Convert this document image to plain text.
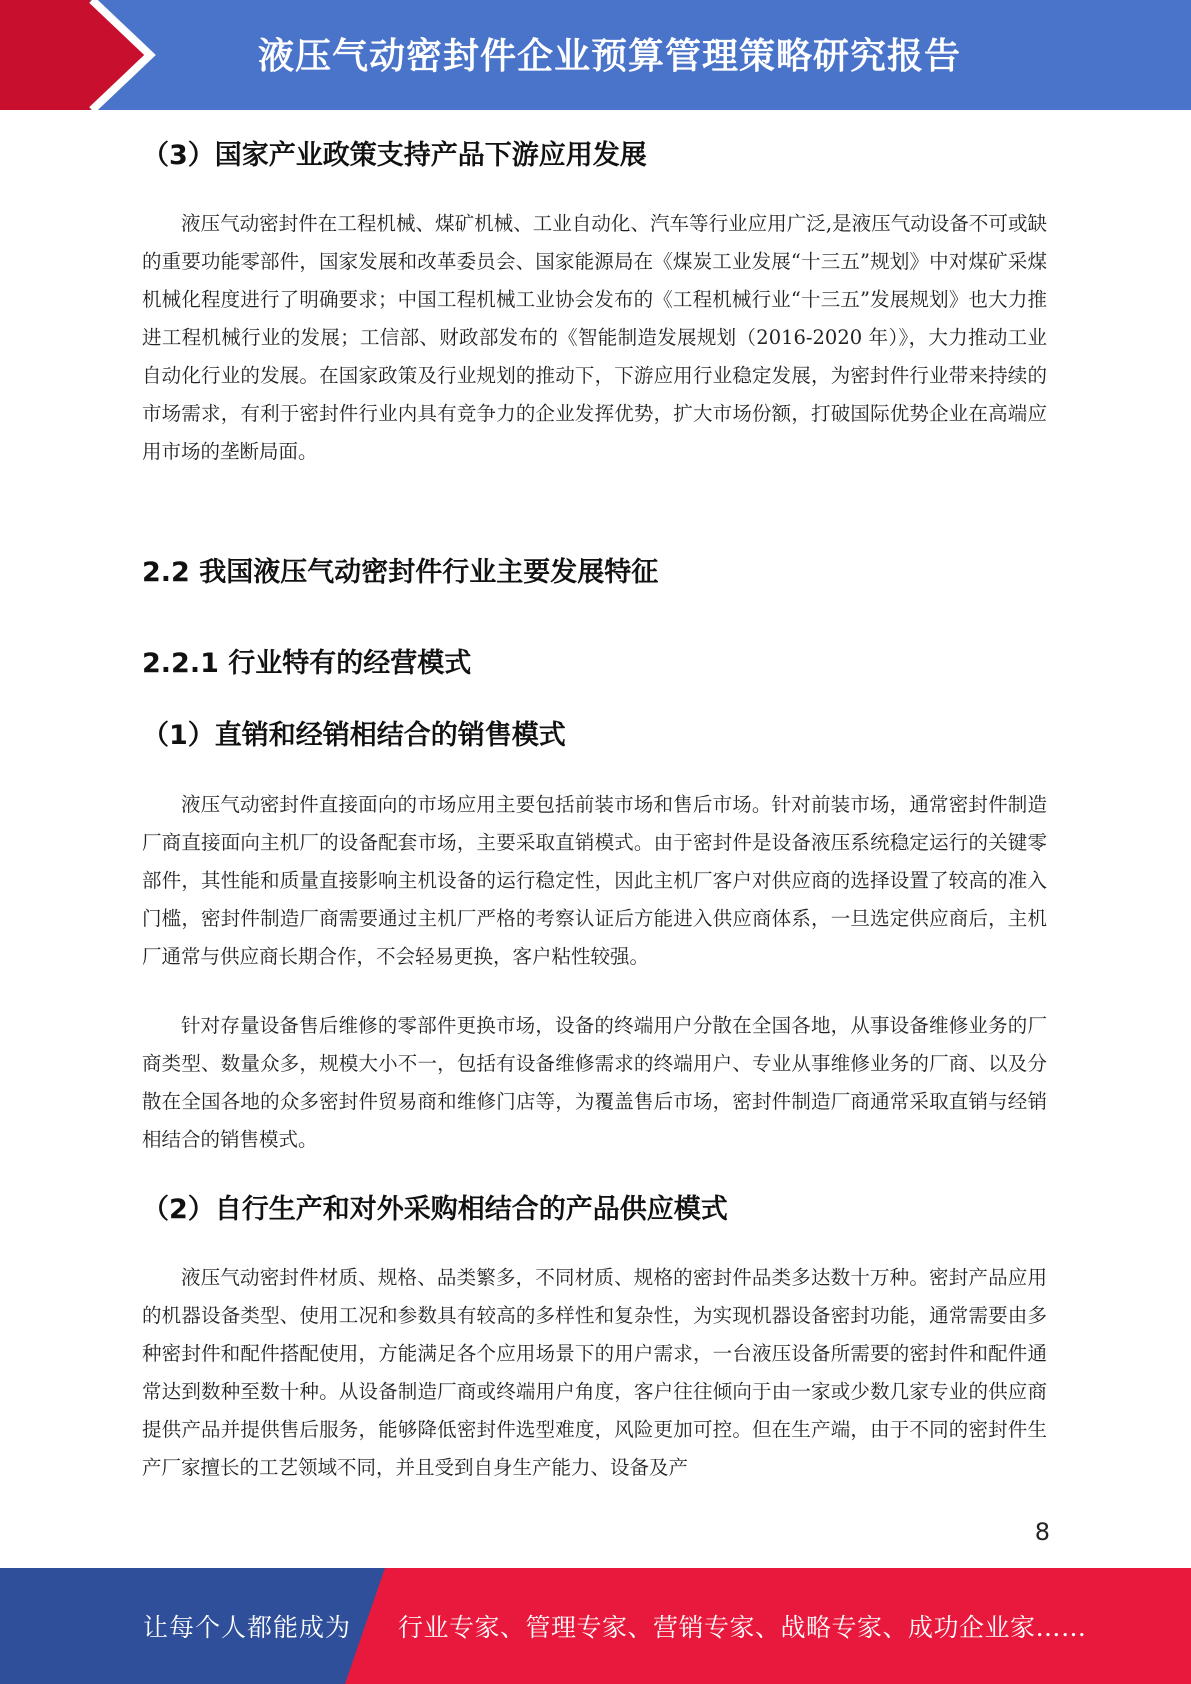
液压气动密封件企业预算管理策略研究报告
（3）国家产业政策支持产品下游应用发展
液压气动密封件在工程机械、煤矿机械、工业自动化、汽车等行业应用广泛,是液压气动设备不可或缺的重要功能零部件，国家发展和改革委员会、国家能源局在《煤炭工业发展“十三五”规划》中对煤矿采煤机械化程度进行了明确要求；中国工程机械工业协会发布的《工程机械行业“十三五”发展规划》也大力推进工程机械行业的发展；工信部、财政部发布的《智能制造发展规划（2016-2020 年）》，大力推动工业自动化行业的发展。在国家政策及行业规划的推动下，下游应用行业稳定发展，为密封件行业带来持续的市场需求，有利于密封件行业内具有竞争力的企业发挥优势，扩大市场份额，打破国际优势企业在高端应用市场的垄断局面。
2.2 我国液压气动密封件行业主要发展特征
2.2.1 行业特有的经营模式
（1）直销和经销相结合的销售模式
液压气动密封件直接面向的市场应用主要包括前装市场和售后市场。针对前装市场，通常密封件制造厂商直接面向主机厂的设备配套市场，主要采取直销模式。由于密封件是设备液压系统稳定运行的关键零部件，其性能和质量直接影响主机设备的运行稳定性，因此主机厂客户对供应商的选择设置了较高的准入门槛，密封件制造厂商需要通过主机厂严格的考察认证后方能进入供应商体系，一旦选定供应商后，主机厂通常与供应商长期合作，不会轻易更换，客户粘性较强。
针对存量设备售后维修的零部件更换市场，设备的终端用户分散在全国各地，从事设备维修业务的厂商类型、数量众多，规模大小不一，包括有设备维修需求的终端用户、专业从事维修业务的厂商、以及分散在全国各地的众多密封件贸易商和维修门店等，为覆盖售后市场，密封件制造厂商通常采取直销与经销相结合的销售模式。
（2）自行生产和对外采购相结合的产品供应模式
液压气动密封件材质、规格、品类繁多，不同材质、规格的密封件品类多达数十万种。密封产品应用的机器设备类型、使用工况和参数具有较高的多样性和复杂性，为实现机器设备密封功能，通常需要由多种密封件和配件搭配使用，方能满足各个应用场景下的用户需求，一台液压设备所需要的密封件和配件通常达到数种至数十种。从设备制造厂商或终端用户角度，客户往往倾向于由一家或少数几家专业的供应商提供产品并提供售后服务，能够降低密封件选型难度，风险更加可控。但在生产端，由于不同的密封件生产厂家擅长的工艺领域不同，并且受到自身生产能力、设备及产
8
让每个人都能成为 行业专家、管理专家、营销专家、战略专家、成功企业家……
